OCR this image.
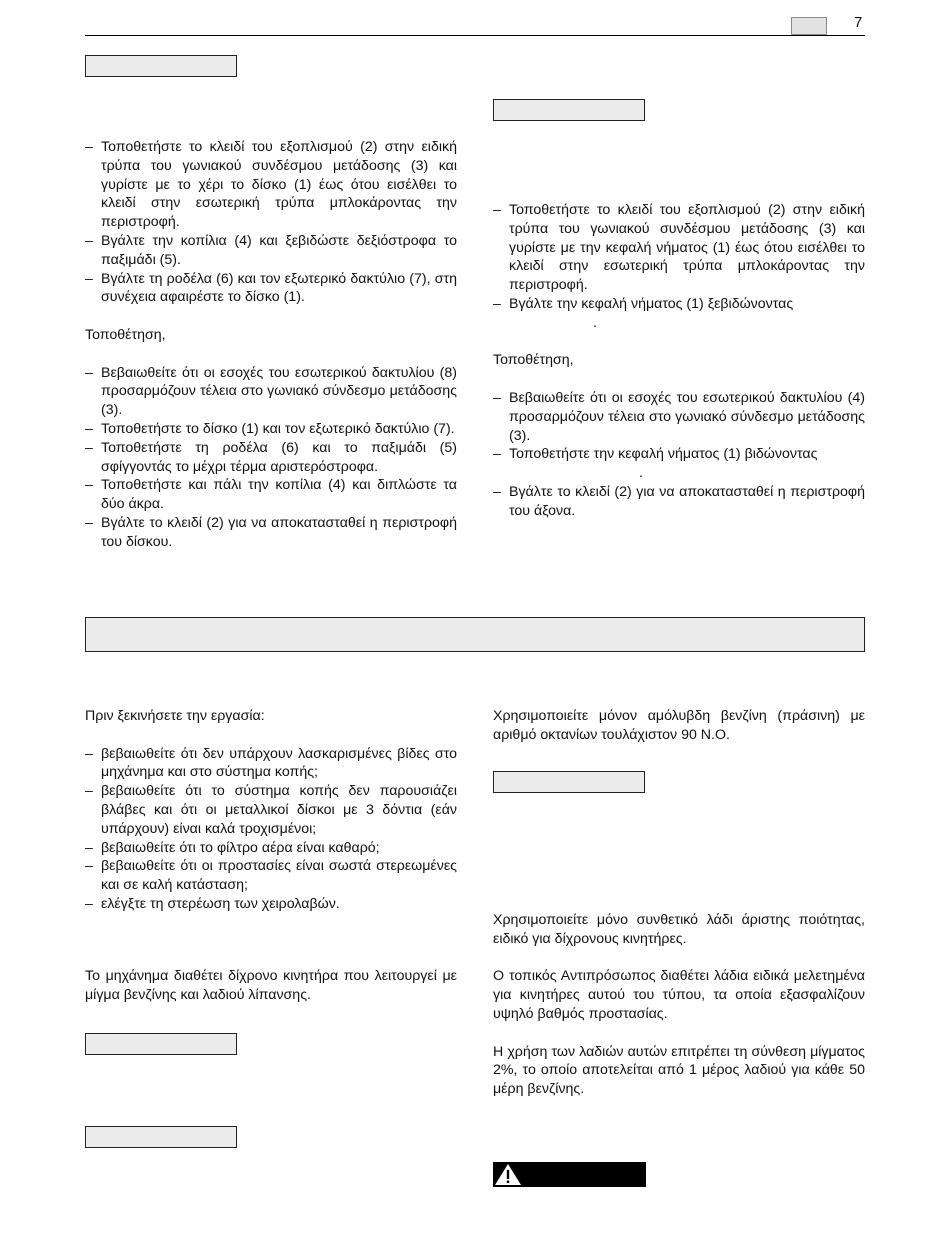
7
– Τοποθετήστε το κλειδί του εξοπλισμού (2) στην ειδική τρύπα του γωνιακού συνδέσμου μετάδοσης (3) και γυρίστε με το χέρι το δίσκο (1) έως ότου εισέλθει το κλειδί στην εσωτερική τρύπα μπλοκάροντας την περιστροφή.
– Βγάλτε την κοπίλια (4) και ξεβιδώστε δεξιόστροφα το παξιμάδι (5).
– Βγάλτε τη ροδέλα (6) και τον εξωτερικό δακτύλιο (7), στη συνέχεια αφαιρέστε το δίσκο (1).

Τοποθέτηση,

– Βεβαιωθείτε ότι οι εσοχές του εσωτερικού δακτυλίου (8) προσαρμόζουν τέλεια στο γωνιακό σύνδεσμο μετάδοσης (3).
– Τοποθετήστε το δίσκο (1) και τον εξωτερικό δακτύλιο (7).
– Τοποθετήστε τη ροδέλα (6) και το παξιμάδι (5) σφίγγοντάς το μέχρι τέρμα αριστερόστροφα.
– Τοποθετήστε και πάλι την κοπίλια (4) και διπλώστε τα δύο άκρα.
– Βγάλτε το κλειδί (2) για να αποκατασταθεί η περιστροφή του δίσκου.
– Τοποθετήστε το κλειδί του εξοπλισμού (2) στην ειδική τρύπα του γωνιακού συνδέσμου μετάδοσης (3) και γυρίστε με την κεφαλή νήματος (1) έως ότου εισέλθει το κλειδί στην εσωτερική τρύπα μπλοκάροντας την περιστροφή.
– Βγάλτε την κεφαλή νήματος (1) ξεβιδώνοντας

.

Τοποθέτηση,

– Βεβαιωθείτε ότι οι εσοχές του εσωτερικού δακτυλίου (4) προσαρμόζουν τέλεια στο γωνιακό σύνδεσμο μετάδοσης (3).
– Τοποθετήστε την κεφαλή νήματος (1) βιδώνοντας

.

– Βγάλτε το κλειδί (2) για να αποκατασταθεί η περιστροφή του άξονα.

Πριν ξεκινήσετε την εργασία:

– βεβαιωθείτε ότι δεν υπάρχουν λασκαρισμένες βίδες στο μηχάνημα και στο σύστημα κοπής;
– βεβαιωθείτε ότι το σύστημα κοπής δεν παρουσιάζει βλάβες και ότι οι μεταλλικοί δίσκοι με 3 δόντια (εάν υπάρχουν) είναι καλά τροχισμένοι;
– βεβαιωθείτε ότι το φίλτρο αέρα είναι καθαρό;
– βεβαιωθείτε ότι οι προστασίες είναι σωστά στερεωμένες και σε καλή κατάσταση;
– ελέγξτε τη στερέωση των χειρολαβών.

Το μηχάνημα διαθέτει δίχρονο κινητήρα που λειτουργεί με μίγμα βενζίνης και λαδιού λίπανσης.

Χρησιμοποιείτε μόνον αμόλυβδη βενζίνη (πράσινη) με αριθμό οκτανίων τουλάχιστον 90 Ν.Ο.

Χρησιμοποιείτε μόνο συνθετικό λάδι άριστης ποιότητας, ειδικό για δίχρονους κινητήρες.

Ο τοπικός Αντιπρόσωπος διαθέτει λάδια ειδικά μελετημένα για κινητήρες αυτού του τύπου, τα οποία εξασφαλίζουν υψηλό βαθμός προστασίας.

Η χρήση των λαδιών αυτών επιτρέπει τη σύνθεση μίγματος 2%, το οποίο αποτελείται από 1 μέρος λαδιού για κάθε 50 μέρη βενζίνης.
